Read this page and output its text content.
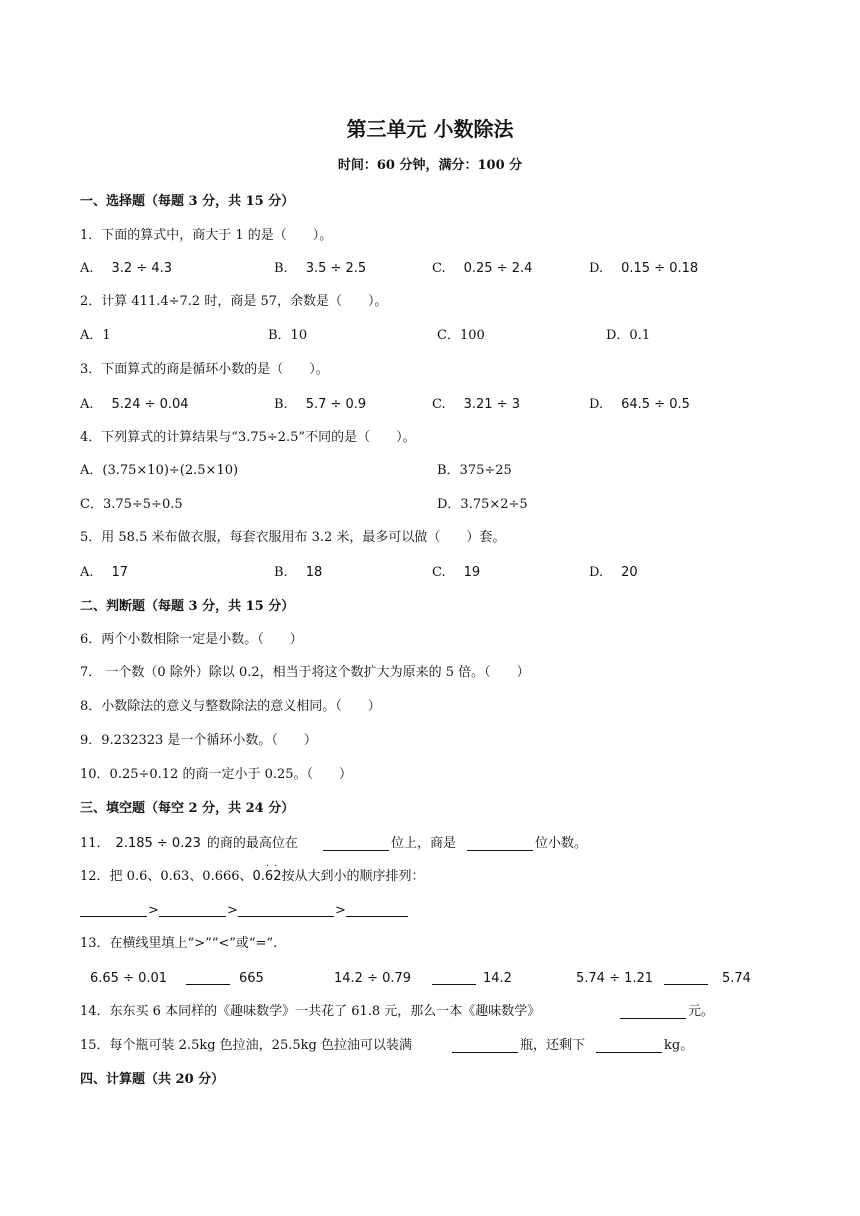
第三单元 小数除法
时间：60 分钟，满分：100 分
一、选择题（每题 3 分，共 15 分）
1．下面的算式中，商大于 1 的是（　　）。
A. 3.2 ÷ 4.3	B. 3.5 ÷ 2.5	C. 0.25 ÷ 2.4	D. 0.15 ÷ 0.18
2．计算 411.4÷7.2 时，商是 57，余数是（　　）。
A．1	B．10	C．100	D．0.1
3．下面算式的商是循环小数的是（　　）。
A. 5.24 ÷ 0.04	B. 5.7 ÷ 0.9	C. 3.21 ÷ 3	D. 64.5 ÷ 0.5
4．下列算式的计算结果与“3.75÷2.5”不同的是（　　）。
A．(3.75×10)÷(2.5×10)	B．375÷25
C．3.75÷5÷0.5	D．3.75×2÷5
5．用 58.5 米布做衣服，每套衣服用布 3.2 米，最多可以做（　　）套。
A. 17	B. 18	C. 19	D. 20
二、判断题（每题 3 分，共 15 分）
6．两个小数相除一定是小数。（　　）
7． 一个数（0 除外）除以 0.2，相当于将这个数扩大为原来的 5 倍。（　　）
8．小数除法的意义与整数除法的意义相同。（　　）
9．9.232323 是一个循环小数。（　　）
10．0.25÷0.12 的商一定小于 0.25。（　　）
三、填空题（每空 2 分，共 24 分）
11． 2.185 ÷ 0.23 的商的最高位在	位上，商是	位小数。
12．把 0.6、0.63、0.666、0.6
·
2
·
按从大到小的顺序排列：
>	>	>
13．在横线里填上“>”“<”或“=”.
6.65 ÷ 0.01	665	14.2 ÷ 0.79	14.2	5.74 ÷ 1.21	5.74
14．东东买 6 本同样的《趣味数学》一共花了 61.8 元，那么一本《趣味数学》	元。
15．每个瓶可装 2.5kg 色拉油，25.5kg 色拉油可以装满	瓶，还剩下	kg。
四、计算题（共 20 分）
